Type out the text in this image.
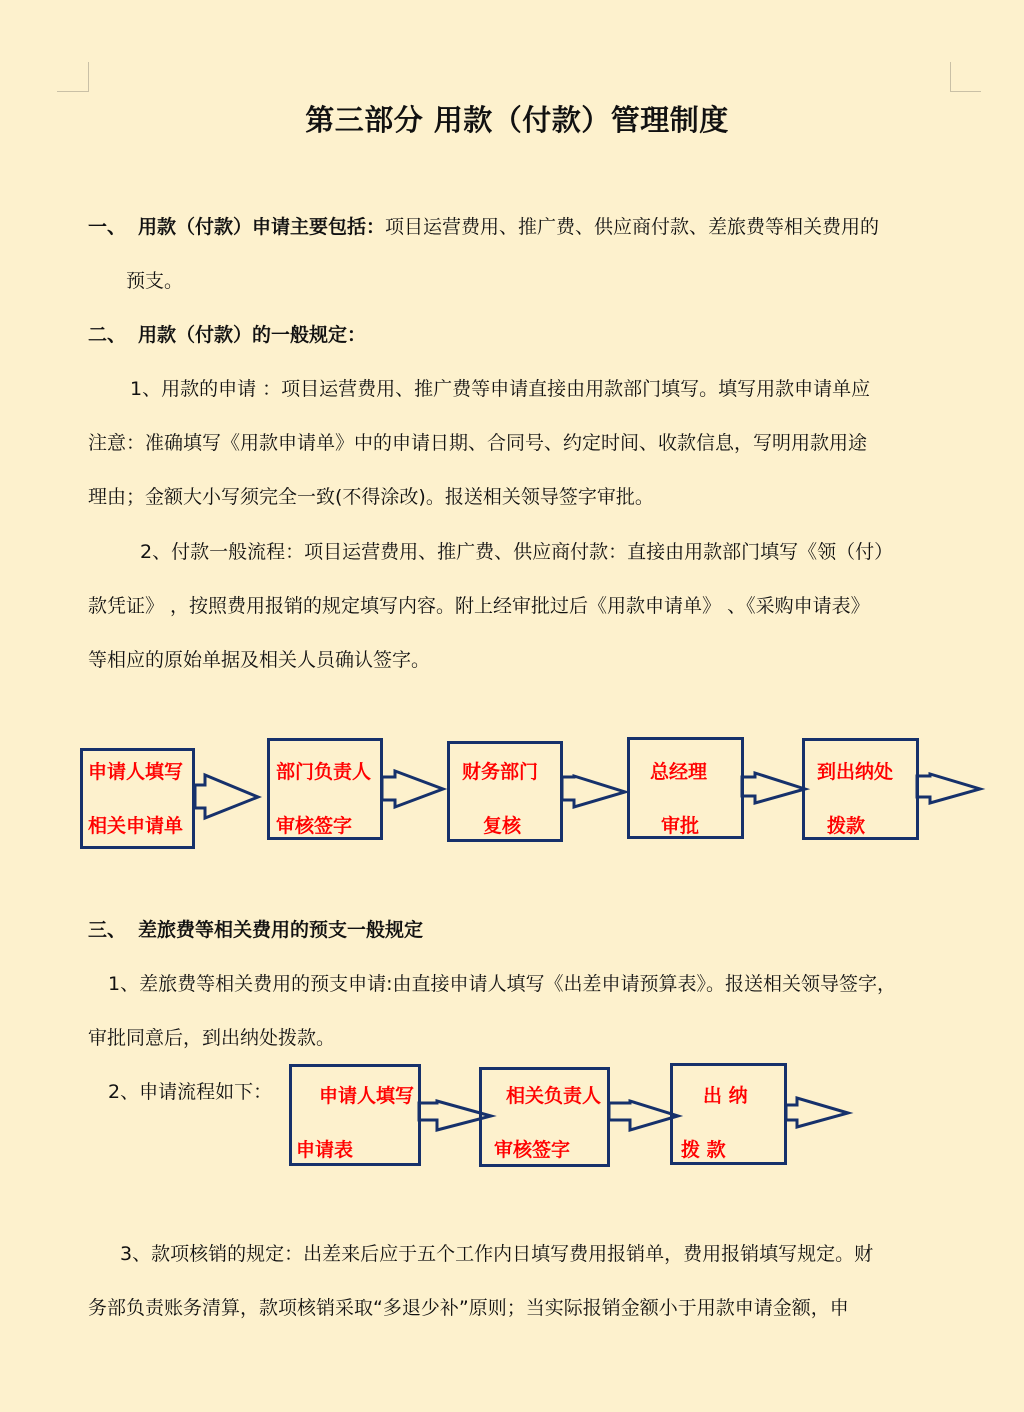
第三部分 用款（付款）管理制度
一、 用款（付款）申请主要包括：项目运营费用、推广费、供应商付款、差旅费等相关费用的
预支。
二、 用款（付款）的一般规定：
1、用款的申请 ：项目运营费用、推广费等申请直接由用款部门填写。填写用款申请单应
注意：准确填写《用款申请单》中的申请日期、合同号、约定时间、收款信息，写明用款用途
理由；金额大小写须完全一致(不得涂改)。报送相关领导签字审批。
2、付款一般流程：项目运营费用、推广费、供应商付款：直接由用款部门填写《领（付）
款凭证》 ，按照费用报销的规定填写内容。附上经审批过后《用款申请单》 、《采购申请表》
等相应的原始单据及相关人员确认签字。
申请人填写
相关申请单
部门负责人
审核签字
财务部门
复核
总经理
审批
到出纳处
拨款
申请人填写
申请表
相关负责人
审核签字
出 纳
拨 款
三、 差旅费等相关费用的预支一般规定
1、差旅费等相关费用的预支申请:由直接申请人填写《出差申请预算表》。报送相关领导签字，
审批同意后，到出纳处拨款。
2、申请流程如下：
3、款项核销的规定：出差来后应于五个工作内日填写费用报销单，费用报销填写规定。财
务部负责账务清算，款项核销采取“多退少补”原则；当实际报销金额小于用款申请金额，申
